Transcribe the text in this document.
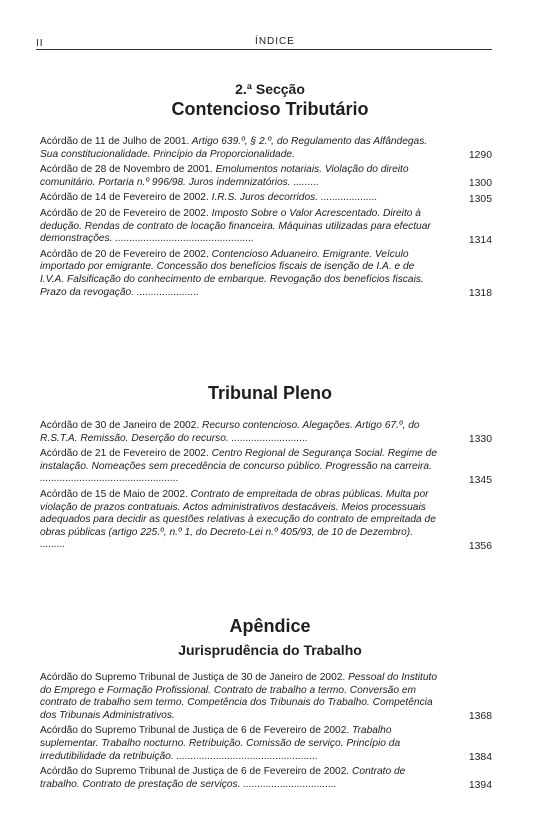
II	ÍNDICE
2.ª Secção
Contencioso Tributário
Acórdão de 11 de Julho de 2001. Artigo 639.º, § 2.º, do Regulamento das Alfândegas. Sua constitucionalidade. Princípio da Proporcionalidade.	1290
Acórdão de 28 de Novembro de 2001. Emolumentos notariais. Violação do direito comunitário. Portaria n.º 996/98. Juros indemnizatórios. .........	1300
Acórdão de 14 de Fevereiro de 2002. I.R.S. Juros decorridos. ....................	1305
Acórdão de 20 de Fevereiro de 2002. Imposto Sobre o Valor Acrescentado. Direito à dedução. Rendas de contrato de locação financeira. Máquinas utilizadas para efectuar demonstrações. .................................................	1314
Acórdão de 20 de Fevereiro de 2002. Contencioso Aduaneiro. Emigrante. Veículo importado por emigrante. Concessão dos benefícios fiscais de isenção de I.A. e de I.V.A. Falsificação do conhecimento de embarque. Revogação dos benefícios fiscais. Prazo da revogação. ......................	1318
Tribunal Pleno
Acórdão de 30 de Janeiro de 2002. Recurso contencioso. Alegações. Artigo 67.º, do R.S.T.A. Remissão. Deserção do recurso. ...........................	1330
Acórdão de 21 de Fevereiro de 2002. Centro Regional de Segurança Social. Regime de instalação. Nomeações sem precedência de concurso público. Progressão na carreira. .................................................	1345
Acórdão de 15 de Maio de 2002. Contrato de empreitada de obras públicas. Multa por violação de prazos contratuais. Actos administrativos destacáveis. Meios processuais adequados para decidir as questões relativas à execução do contrato de empreitada de obras públicas (artigo 225.º, n.º 1, do Decreto-Lei n.º 405/93, de 10 de Dezembro). .........	1356
Apêndice
Jurisprudência do Trabalho
Acórdão do Supremo Tribunal de Justiça de 30 de Janeiro de 2002. Pessoal do Instituto do Emprego e Formação Profissional. Contrato de trabalho a termo. Conversão em contrato de trabalho sem termo. Competência dos Tribunais do Trabalho. Competência dos Tribunais Administrativos.	1368
Acórdão do Supremo Tribunal de Justiça de 6 de Fevereiro de 2002. Trabalho suplementar. Trabalho nocturno. Retribuição. Comissão de serviço. Princípio da irredutibilidade da retribuição. ..................................................	1384
Acórdão do Supremo Tribunal de Justiça de 6 de Fevereiro de 2002. Contrato de trabalho. Contrato de prestação de serviços. .................................	1394
